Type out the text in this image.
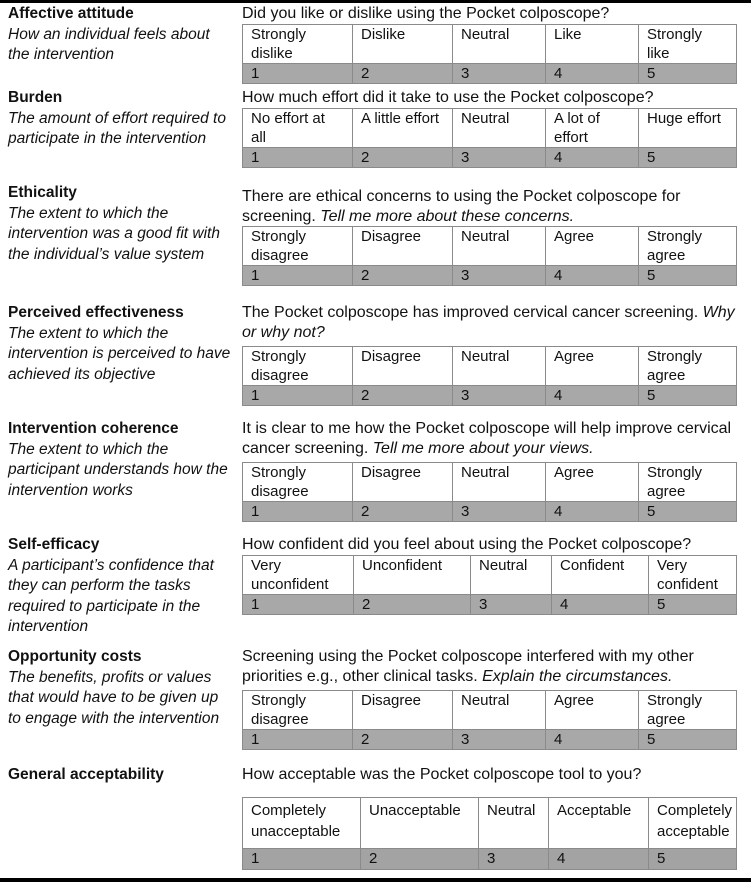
Affective attitude
How an individual feels about the intervention
Did you like or dislike using the Pocket colposcope?
Strongly dislike	Dislike	Neutral	Like	Strongly like
1	2	3	4	5
Burden
The amount of effort required to participate in the intervention
How much effort did it take to use the Pocket colposcope?
No effort at all	A little effort	Neutral	A lot of effort	Huge effort
1	2	3	4	5
Ethicality
The extent to which the intervention was a good fit with the individual’s value system
There are ethical concerns to using the Pocket colposcope for screening. Tell me more about these concerns.
Strongly disagree	Disagree	Neutral	Agree	Strongly agree
1	2	3	4	5
Perceived effectiveness
The extent to which the intervention is perceived to have achieved its objective
The Pocket colposcope has improved cervical cancer screening. Why or why not?
Strongly disagree	Disagree	Neutral	Agree	Strongly agree
1	2	3	4	5
Intervention coherence
The extent to which the participant understands how the intervention works
It is clear to me how the Pocket colposcope will help improve cervical cancer screening. Tell me more about your views.
Strongly disagree	Disagree	Neutral	Agree	Strongly agree
1	2	3	4	5
Self-efficacy
A participant’s confidence that they can perform the tasks required to participate in the intervention
How confident did you feel about using the Pocket colposcope?
Very unconfident	Unconfident	Neutral	Confident	Very confident
1	2	3	4	5
Opportunity costs
The benefits, profits or values that would have to be given up to engage with the intervention
Screening using the Pocket colposcope interfered with my other priorities e.g., other clinical tasks. Explain the circumstances.
Strongly disagree	Disagree	Neutral	Agree	Strongly agree
1	2	3	4	5
General acceptability	How acceptable was the Pocket colposcope tool to you?
Completely unacceptable	Unacceptable	Neutral	Acceptable	Completely acceptable
1	2	3	4	5
